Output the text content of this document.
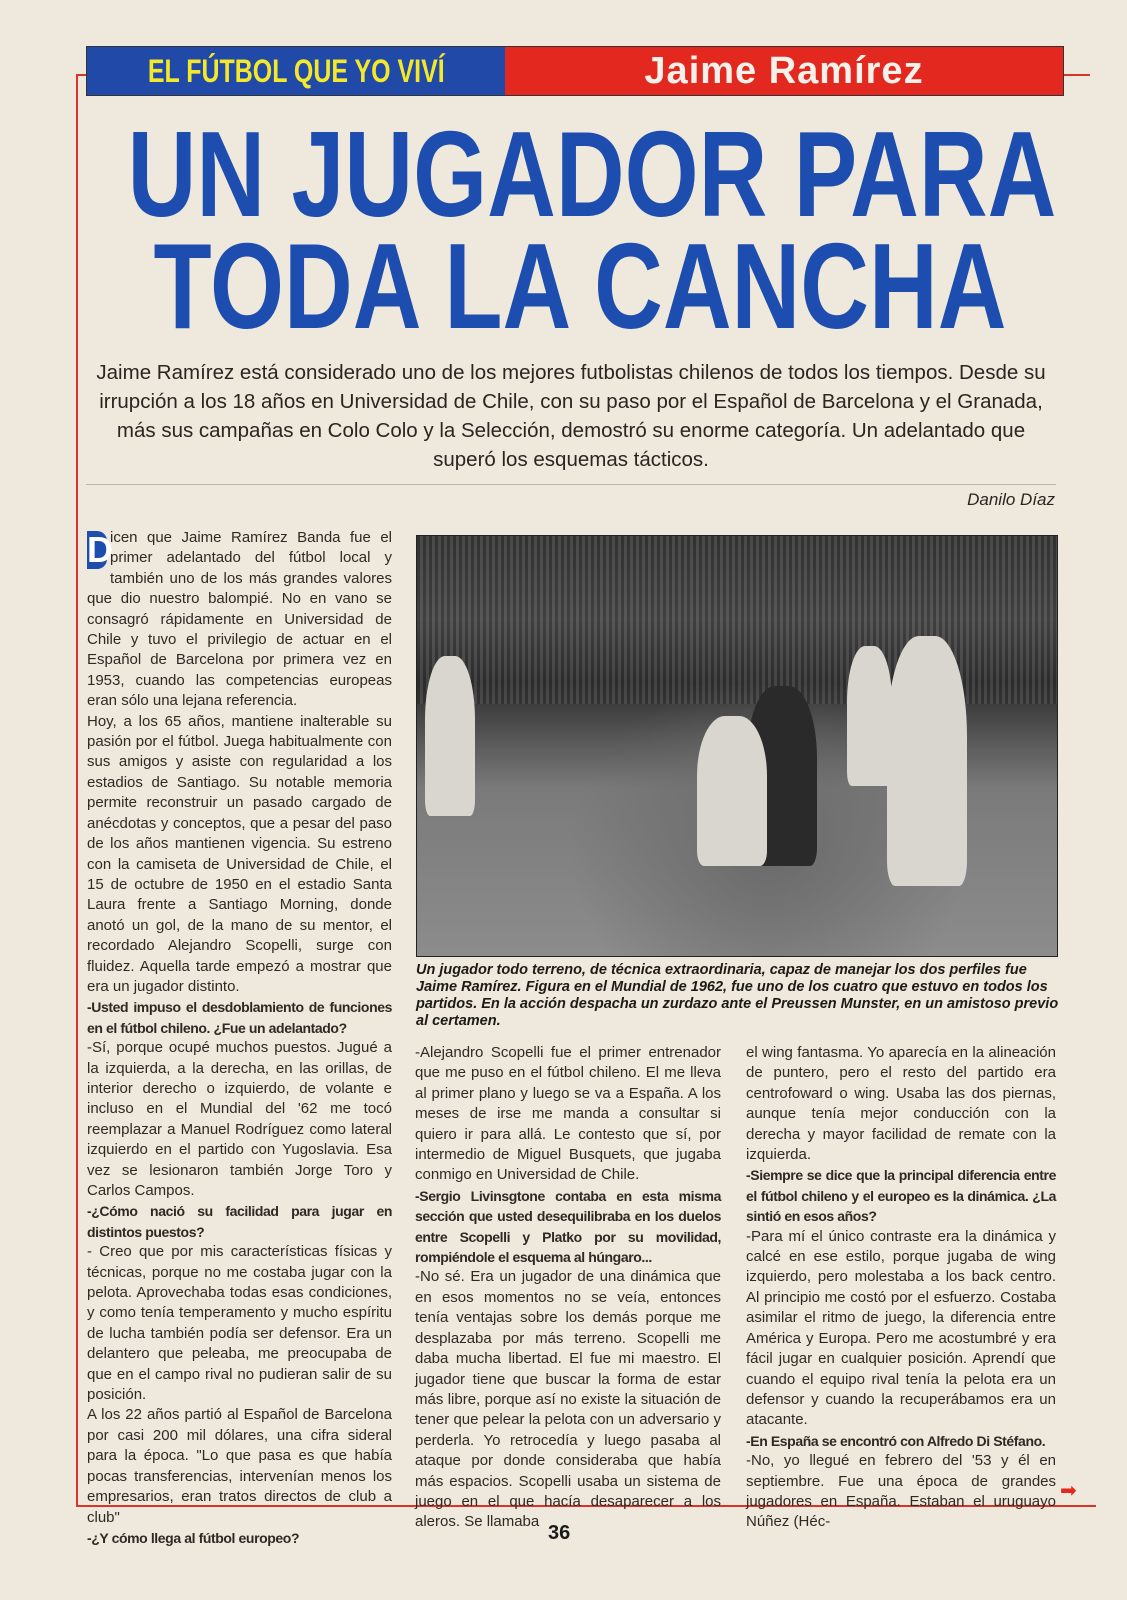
EL FÚTBOL QUE YO VIVÍ	Jaime Ramírez
UN JUGADOR PARA
TODA LA CANCHA
Jaime Ramírez está considerado uno de los mejores futbolistas chilenos de todos los tiempos. Desde su irrupción a los 18 años en Universidad de Chile, con su paso por el Español de Barcelona y el Granada, más sus campañas en Colo Colo y la Selección, demostró su enorme categoría. Un adelantado que superó los esquemas tácticos.
Danilo Díaz

D
icen que Jaime Ramírez Banda fue el primer adelantado del fútbol local y también uno de los más grandes valores que dio nuestro balompié. No en vano se consagró rápidamente en Universidad de Chile y tuvo el privilegio de actuar en el Español de Barcelona por primera vez en 1953, cuando las competencias europeas eran sólo una lejana referencia.

Hoy, a los 65 años, mantiene inalterable su pasión por el fútbol. Juega habitualmente con sus amigos y asiste con regularidad a los estadios de Santiago. Su notable memoria permite reconstruir un pasado cargado de anécdotas y conceptos, que a pesar del paso de los años mantienen vigencia. Su estreno con la camiseta de Universidad de Chile, el 15 de octubre de 1950 en el estadio Santa Laura frente a Santiago Morning, donde anotó un gol, de la mano de su mentor, el recordado Alejandro Scopelli, surge con fluidez. Aquella tarde empezó a mostrar que era un jugador distinto.

-Usted impuso el desdoblamiento de funciones en el fútbol chileno. ¿Fue un adelantado?

-Sí, porque ocupé muchos puestos. Jugué a la izquierda, a la derecha, en las orillas, de interior derecho o izquierdo, de volante e incluso en el Mundial del '62 me tocó reemplazar a Manuel Rodríguez como lateral izquierdo en el partido con Yugoslavia. Esa vez se lesionaron también Jorge Toro y Carlos Campos.

-¿Cómo nació su facilidad para jugar en distintos puestos?

- Creo que por mis características físicas y técnicas, porque no me costaba jugar con la pelota. Aprovechaba todas esas condiciones, y como tenía temperamento y mucho espíritu de lucha también podía ser defensor. Era un delantero que peleaba, me preocupaba de que en el campo rival no pudieran salir de su posición.

A los 22 años partió al Español de Barcelona por casi 200 mil dólares, una cifra sideral para la época. "Lo que pasa es que había pocas transferencias, intervenían menos los empresarios, eran tratos directos de club a club"

-¿Y cómo llega al fútbol europeo?

Un jugador todo terreno, de técnica extraordinaria, capaz de manejar los dos perfiles fue Jaime Ramírez. Figura en el Mundial de 1962, fue uno de los cuatro que estuvo en todos los partidos. En la acción despacha un zurdazo ante el Preussen Munster, en un amistoso previo al certamen.

-Alejandro Scopelli fue el primer entrenador que me puso en el fútbol chileno. El me lleva al primer plano y luego se va a España. A los meses de irse me manda a consultar si quiero ir para allá. Le contesto que sí, por intermedio de Miguel Busquets, que jugaba conmigo en Universidad de Chile.

-Sergio Livinsgtone contaba en esta misma sección que usted desequilibraba en los duelos entre Scopelli y Platko por su movilidad, rompiéndole el esquema al húngaro...

-No sé. Era un jugador de una dinámica que en esos momentos no se veía, entonces tenía ventajas sobre los demás porque me desplazaba por más terreno. Scopelli me daba mucha libertad. El fue mi maestro. El jugador tiene que buscar la forma de estar más libre, porque así no existe la situación de tener que pelear la pelota con un adversario y perderla. Yo retrocedía y luego pasaba al ataque por donde consideraba que había más espacios. Scopelli usaba un sistema de juego en el que hacía desaparecer a los aleros. Se llamaba

el wing fantasma. Yo aparecía en la alineación de puntero, pero el resto del partido era centrofoward o wing. Usaba las dos piernas, aunque tenía mejor conducción con la derecha y mayor facilidad de remate con la izquierda.

-Siempre se dice que la principal diferencia entre el fútbol chileno y el europeo es la dinámica. ¿La sintió en esos años?

-Para mí el único contraste era la dinámica y calcé en ese estilo, porque jugaba de wing izquierdo, pero molestaba a los back centro. Al principio me costó por el esfuerzo. Costaba asimilar el ritmo de juego, la diferencia entre América y Europa. Pero me acostumbré y era fácil jugar en cualquier posición. Aprendí que cuando el equipo rival tenía la pelota era un defensor y cuando la recuperábamos era un atacante.

-En España se encontró con Alfredo Di Stéfano.

-No, yo llegué en febrero del '53 y él en septiembre. Fue una época de grandes jugadores en España. Estaban el uruguayo Núñez (Héc-

➡
36
